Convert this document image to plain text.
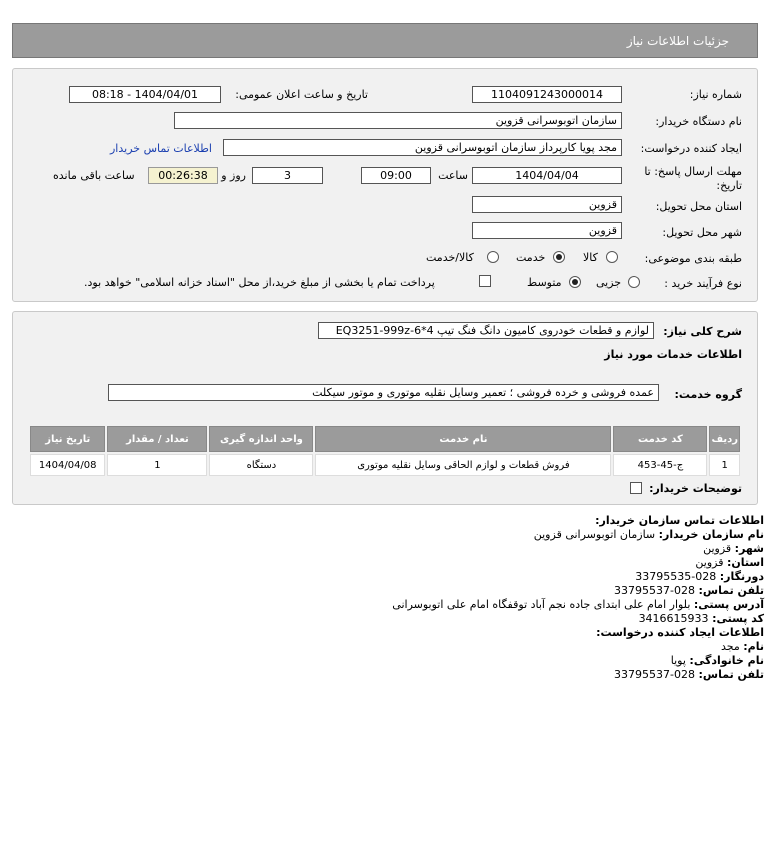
جزئیات اطلاعات نیاز
شماره نیاز:
1104091243000014
تاریخ و ساعت اعلان عمومی:
1404/04/01 - 08:18
نام دستگاه خریدار:
سازمان اتوبوسرانی قزوین
ایجاد کننده درخواست:
مجد پویا کارپرداز سازمان اتوبوسرانی قزوین
اطلاعات تماس خریدار
مهلت ارسال پاسخ: تا
تاریخ:
1404/04/04
ساعت
09:00
3
روز و
00:26:38
ساعت باقی مانده
استان محل تحویل:
قزوین
شهر محل تحویل:
قزوین
طبقه بندی موضوعی:
کالا
خدمت
کالا/خدمت
نوع فرآیند خرید :
جزیی
متوسط
پرداخت تمام یا بخشی از مبلغ خرید،از محل "اسناد خزانه اسلامی" خواهد بود.
شرح کلی نیاز:
لوازم و قطعات خودروی کامیون دانگ فنگ تیپ 4*6-EQ3251-999z
اطلاعات خدمات مورد نیاز
گروه خدمت:
عمده فروشی و خرده فروشی ؛ تعمیر وسایل نقلیه موتوری و موتور سیکلت
ردیف	کد خدمت	نام خدمت	واحد اندازه گیری	تعداد / مقدار	تاریخ نیاز
1	ج-45-453	فروش قطعات و لوازم الحاقی وسایل نقلیه موتوری	دستگاه	1	1404/04/08
توضیحات خریدار:
اطلاعات تماس سازمان خریدار:
نام سازمان خریدار: سازمان اتوبوسرانی قزوین
شهر: قزوین
استان: قزوین
دورنگار: 028-33795535
تلفن تماس: 028-33795537
آدرس پستی: بلوار امام علی ابتدای جاده نجم آباد توقفگاه امام علی اتوبوسرانی
کد پستی: 3416615933
اطلاعات ایجاد کننده درخواست:
نام: مجد
نام خانوادگی: پویا
تلفن تماس: 028-33795537
